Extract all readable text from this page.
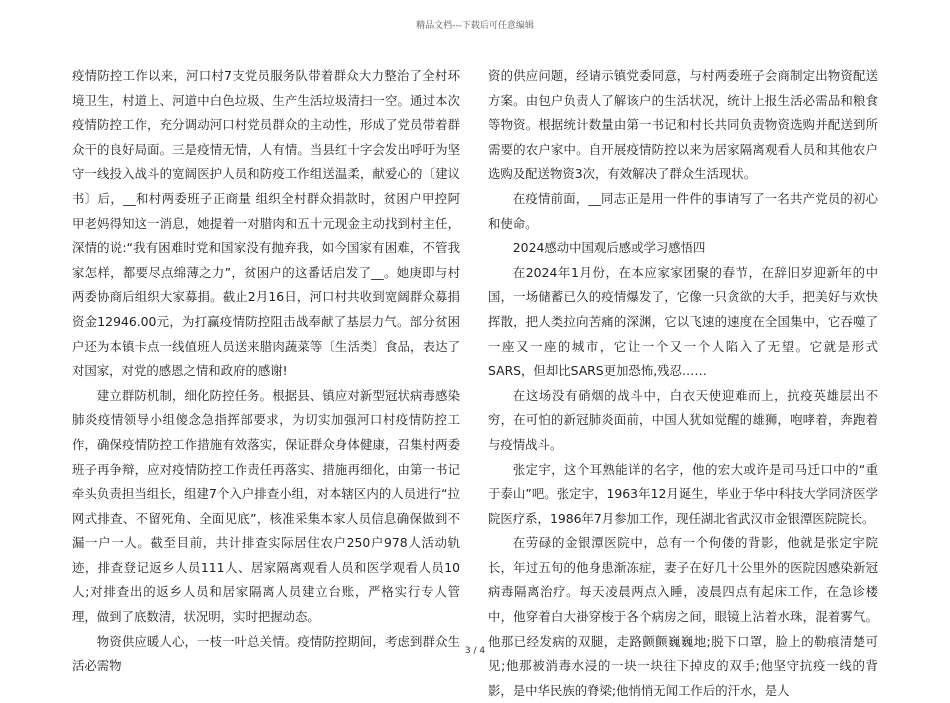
精品文档---下载后可任意编辑

疫情防控工作以来，河口村7支党员服务队带着群众大力整治了全村环境卫生，村道上、河道中白色垃圾、生产生活垃圾清扫一空。通过本次疫情防控工作，充分调动河口村党员群众的主动性，形成了党员带着群众干的良好局面。三是疫情无情，人有情。当县红十字会发出呼吁为坚守一线投入战斗的宽阔医护人员和防疫工作组送温柔，献爱心的〔建议书〕后，__和村两委班子正商量 组织全村群众捐款时，贫困户甲控阿甲老妈得知这一消息，她提着一对腊肉和五十元现金主动找到村主任，深情的说:“我有困难时党和国家没有抛弃我，如今国家有困难，不管我家怎样，都要尽点绵薄之力”，贫困户的这番话启发了__。她庚即与村两委协商后组织大家募捐。截止2月16日，河口村共收到宽阔群众募捐资金12946.00元，为打赢疫情防控阻击战奉献了基层力气。部分贫困户还为本镇卡点一线值班人员送来腊肉蔬菜等〔生活类〕食品，表达了对国家，对党的感恩之情和政府的感谢!

建立群防机制，细化防控任务。根据县、镇应对新型冠状病毒感染肺炎疫情领导小组傻念急指挥部要求，为切实加强河口村疫情防控工作，确保疫情防控工作措施有效落实，保证群众身体健康，召集村两委班子再争辩，应对疫情防控工作责任再落实、措施再细化，由第一书记牵头负责担当组长，组建7个入户排查小组，对本辖区内的人员进行“拉网式排查、不留死角、全面见底”，核准采集本家人员信息确保做到不漏一户一人。截至目前，共计排查实际居住农户250户978人活动轨迹，排查登记返乡人员111人、居家隔离观看人员和医学观看人员10人;对排查出的返乡人员和居家隔离人员建立台账，严格实行专人管理，做到了底数清，状况明，实时把握动态。

物资供应暖人心，一枝一叶总关情。疫情防控期间，考虑到群众生活必需物

资的供应问题，经请示镇党委同意，与村两委班子会商制定出物资配送方案。由包户负责人了解该户的生活状况，统计上报生活必需品和粮食等物资。根据统计数量由第一书记和村长共同负责物资选购并配送到所需要的农户家中。自开展疫情防控以来为居家隔离观看人员和其他农户选购及配送物资3次，有效解决了群众生活现状。

在疫情前面，__同志正是用一件件的事请写了一名共产党员的初心和使命。

2024感动中国观后感或学习感悟四

在2024年1月份，在本应家家团聚的春节，在辞旧岁迎新年的中国，一场储蓄已久的疫情爆发了，它像一只贪欲的大手，把美好与欢快挥散，把人类拉向苦痛的深渊，它以飞速的速度在全国集中，它吞噬了一座又一座的城市，它让一个又一个人陷入了无望。它就是形式SARS，但却比SARS更加恐怖,残忍……

在这场没有硝烟的战斗中，白衣天使迎难而上，抗疫英雄层出不穷，在可怕的新冠肺炎面前，中国人犹如觉醒的雄狮，咆哮着，奔跑着与疫情战斗。

张定宇，这个耳熟能详的名字，他的宏大或许是司马迁口中的“重于泰山”吧。张定宇，1963年12月诞生，毕业于华中科技大学同济医学院医疗系，1986年7月参加工作，现任湖北省武汉市金银潭医院院长。

在劳碌的金银潭医院中，总有一个佝偻的背影，他就是张定宇院长，年过五旬的他身患渐冻症，妻子在好几十公里外的医院因感染新冠病毒隔离治疗。每天凌晨两点入睡，凌晨四点有起床工作，在急诊楼中，他穿着白大褂穿梭于各个病房之间，眼镜上沾着水珠，混着雾气。他那已经发病的双腿，走路颤颤巍巍地;脱下口罩，脸上的勒痕清楚可见;他那被消毒水浸的一块一块往下掉皮的双手;他坚守抗疫一线的背影，是中华民族的脊梁;他悄悄无闻工作后的汗水，是人

3 / 4
